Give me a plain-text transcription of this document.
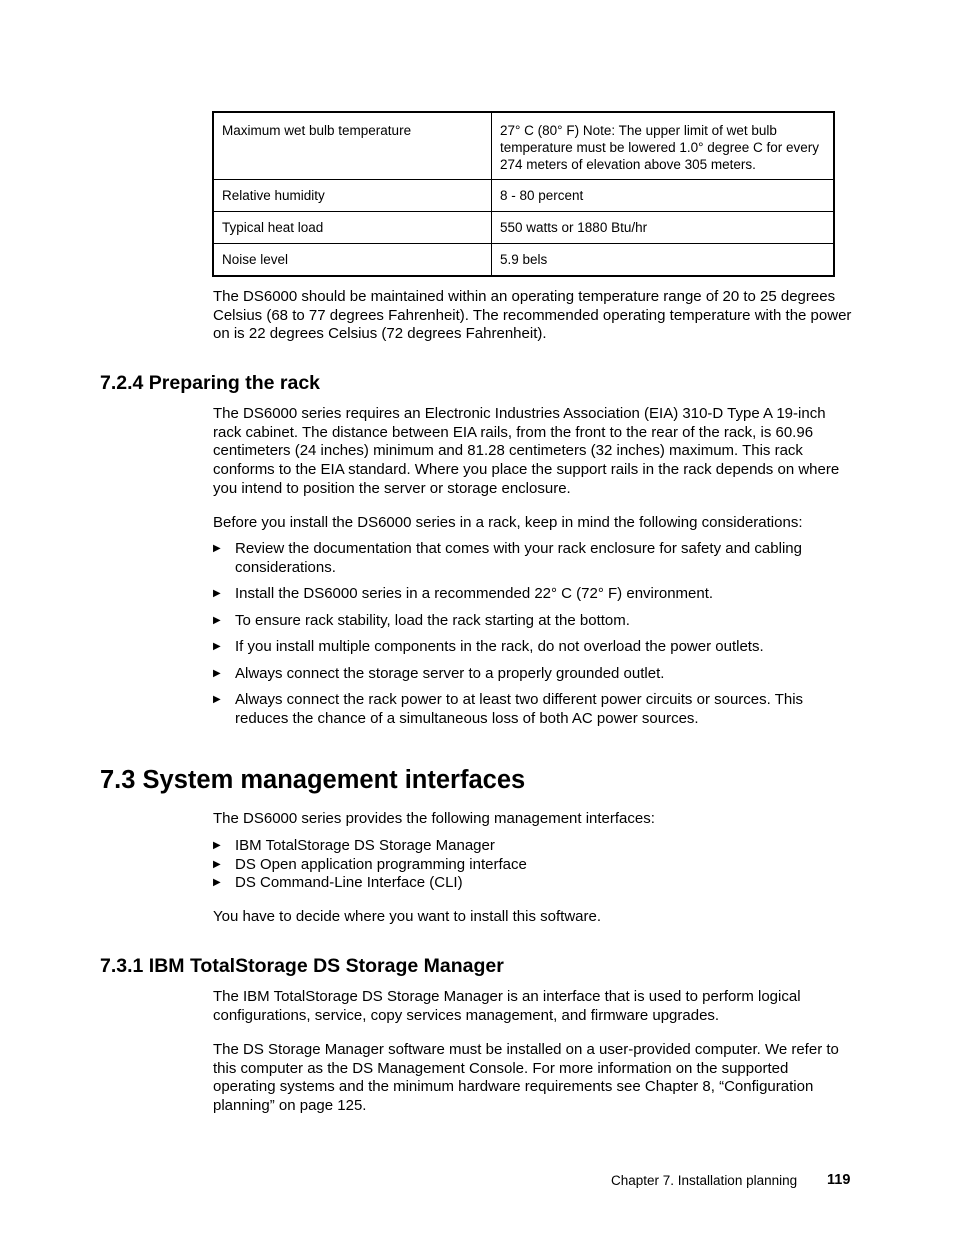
Maximum wet bulb temperature	27° C (80° F) Note: The upper limit of wet bulb temperature must be lowered 1.0° degree C for every 274 meters of elevation above 305 meters.
Relative humidity	8 - 80 percent
Typical heat load	550 watts or 1880 Btu/hr
Noise level	5.9 bels
The DS6000 should be maintained within an operating temperature range of 20 to 25 degrees Celsius (68 to 77 degrees Fahrenheit). The recommended operating temperature with the power on is 22 degrees Celsius (72 degrees Fahrenheit).
7.2.4 Preparing the rack
The DS6000 series requires an Electronic Industries Association (EIA) 310-D Type A 19-inch rack cabinet. The distance between EIA rails, from the front to the rear of the rack, is 60.96 centimeters (24 inches) minimum and 81.28 centimeters (32 inches) maximum. This rack conforms to the EIA standard. Where you place the support rails in the rack depends on where you intend to position the server or storage enclosure.
Before you install the DS6000 series in a rack, keep in mind the following considerations:
▶ Review the documentation that comes with your rack enclosure for safety and cabling considerations.
▶ Install the DS6000 series in a recommended 22° C (72° F) environment.
▶ To ensure rack stability, load the rack starting at the bottom.
▶ If you install multiple components in the rack, do not overload the power outlets.
▶ Always connect the storage server to a properly grounded outlet.
▶ Always connect the rack power to at least two different power circuits or sources. This reduces the chance of a simultaneous loss of both AC power sources.
7.3 System management interfaces
The DS6000 series provides the following management interfaces:
▶ IBM TotalStorage DS Storage Manager
▶ DS Open application programming interface
▶ DS Command-Line Interface (CLI)
You have to decide where you want to install this software.
7.3.1 IBM TotalStorage DS Storage Manager
The IBM TotalStorage DS Storage Manager is an interface that is used to perform logical configurations, service, copy services management, and firmware upgrades.
The DS Storage Manager software must be installed on a user-provided computer. We refer to this computer as the DS Management Console. For more information on the supported operating systems and the minimum hardware requirements see Chapter 8, “Configuration planning” on page 125.
Chapter 7. Installation planning 119
